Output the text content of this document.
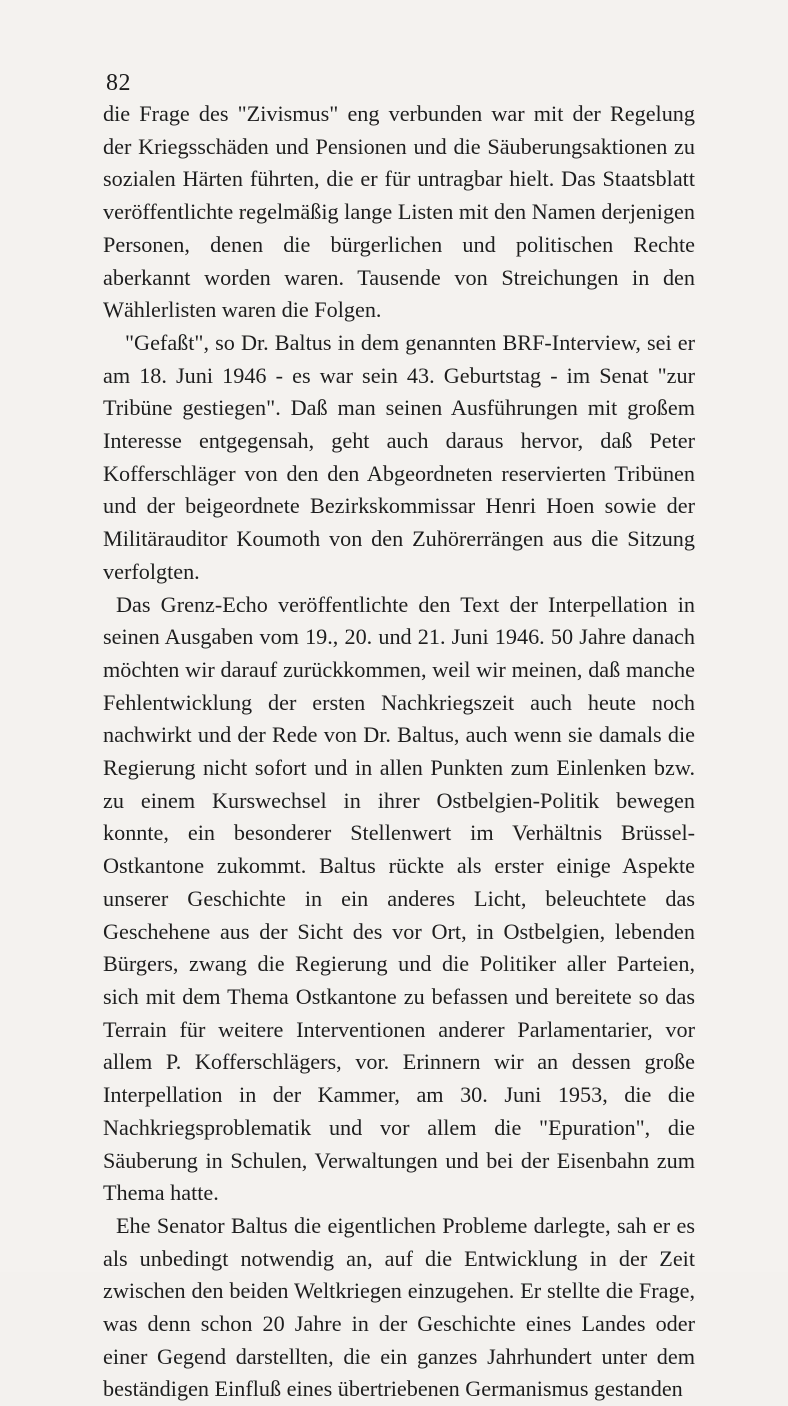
82

die Frage des "Zivismus" eng verbunden war mit der Regelung der Kriegsschäden und Pensionen und die Säuberungsaktionen zu sozialen Härten führten, die er für untragbar hielt. Das Staatsblatt veröffentlichte regelmäßig lange Listen mit den Namen derjenigen Personen, denen die bürgerlichen und politischen Rechte aberkannt worden waren. Tausende von Streichungen in den Wählerlisten waren die Folgen.

"Gefaßt", so Dr. Baltus in dem genannten BRF-Interview, sei er am 18. Juni 1946 - es war sein 43. Geburtstag - im Senat "zur Tribüne gestiegen". Daß man seinen Ausführungen mit großem Interesse entgegensah, geht auch daraus hervor, daß Peter Kofferschläger von den den Abgeordneten reservierten Tribünen und der beigeordnete Bezirkskommissar Henri Hoen sowie der Militärauditor Koumoth von den Zuhörerrängen aus die Sitzung verfolgten.

Das Grenz-Echo veröffentlichte den Text der Interpellation in seinen Ausgaben vom 19., 20. und 21. Juni 1946. 50 Jahre danach möchten wir darauf zurückkommen, weil wir meinen, daß manche Fehlentwicklung der ersten Nachkriegszeit auch heute noch nachwirkt und der Rede von Dr. Baltus, auch wenn sie damals die Regierung nicht sofort und in allen Punkten zum Einlenken bzw. zu einem Kurswechsel in ihrer Ostbelgien-Politik bewegen konnte, ein besonderer Stellenwert im Verhältnis Brüssel-Ostkantone zukommt. Baltus rückte als erster einige Aspekte unserer Geschichte in ein anderes Licht, beleuchtete das Geschehene aus der Sicht des vor Ort, in Ostbelgien, lebenden Bürgers, zwang die Regierung und die Politiker aller Parteien, sich mit dem Thema Ostkantone zu befassen und bereitete so das Terrain für weitere Interventionen anderer Parlamentarier, vor allem P. Kofferschlägers, vor. Erinnern wir an dessen große Interpellation in der Kammer, am 30. Juni 1953, die die Nachkriegsproblematik und vor allem die "Epuration", die Säuberung in Schulen, Verwaltungen und bei der Eisenbahn zum Thema hatte.

Ehe Senator Baltus die eigentlichen Probleme darlegte, sah er es als unbedingt notwendig an, auf die Entwicklung in der Zeit zwischen den beiden Weltkriegen einzugehen. Er stellte die Frage, was denn schon 20 Jahre in der Geschichte eines Landes oder einer Gegend darstellten, die ein ganzes Jahrhundert unter dem beständigen Einfluß eines übertriebenen Germanismus gestanden
